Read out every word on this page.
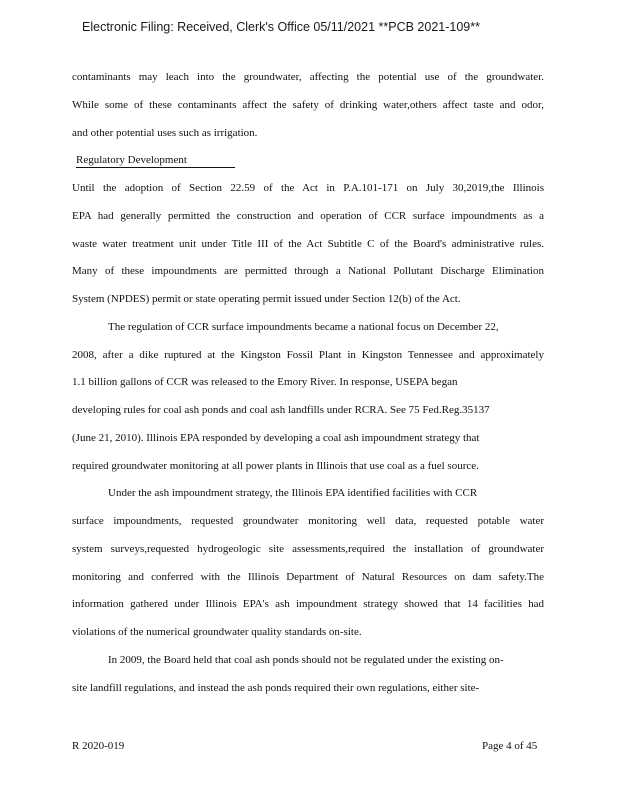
Electronic Filing: Received, Clerk's Office 05/11/2021 **PCB 2021-109**
contaminants may leach into the groundwater, affecting the potential use of the groundwater.
While some of these contaminants affect the safety of drinking water,others affect taste and odor,
and other potential uses such as irrigation.
Regulatory Development
Until the adoption of Section 22.59 of the Act in P.A.101-171 on July 30,2019,the Illinois
EPA had generally permitted the construction and operation of CCR surface impoundments as a
waste water treatment unit under Title III of the Act Subtitle C of the Board's administrative rules.
Many of these impoundments are permitted through a National Pollutant Discharge Elimination
System (NPDES) permit or state operating permit issued under Section 12(b) of the Act.
The regulation of CCR surface impoundments became a national focus on December 22,
2008, after a dike ruptured at the Kingston Fossil Plant in Kingston Tennessee and approximately
1.1 billion gallons of CCR was released to the Emory River. In response, USEPA began
developing rules for coal ash ponds and coal ash landfills under RCRA. See 75 Fed.Reg.35137
(June 21, 2010). Illinois EPA responded by developing a coal ash impoundment strategy that
required groundwater monitoring at all power plants in Illinois that use coal as a fuel source.
Under the ash impoundment strategy, the Illinois EPA identified facilities with CCR
surface impoundments, requested groundwater monitoring well data, requested potable water
system surveys,requested hydrogeologic site assessments,required the installation of groundwater
monitoring and conferred with the Illinois Department of Natural Resources on dam safety.The
information gathered under Illinois EPA's ash impoundment strategy showed that 14 facilities had
violations of the numerical groundwater quality standards on-site.
In 2009, the Board held that coal ash ponds should not be regulated under the existing on-
site landfill regulations, and instead the ash ponds required their own regulations, either site-
R 2020-019	Page 4 of 45
